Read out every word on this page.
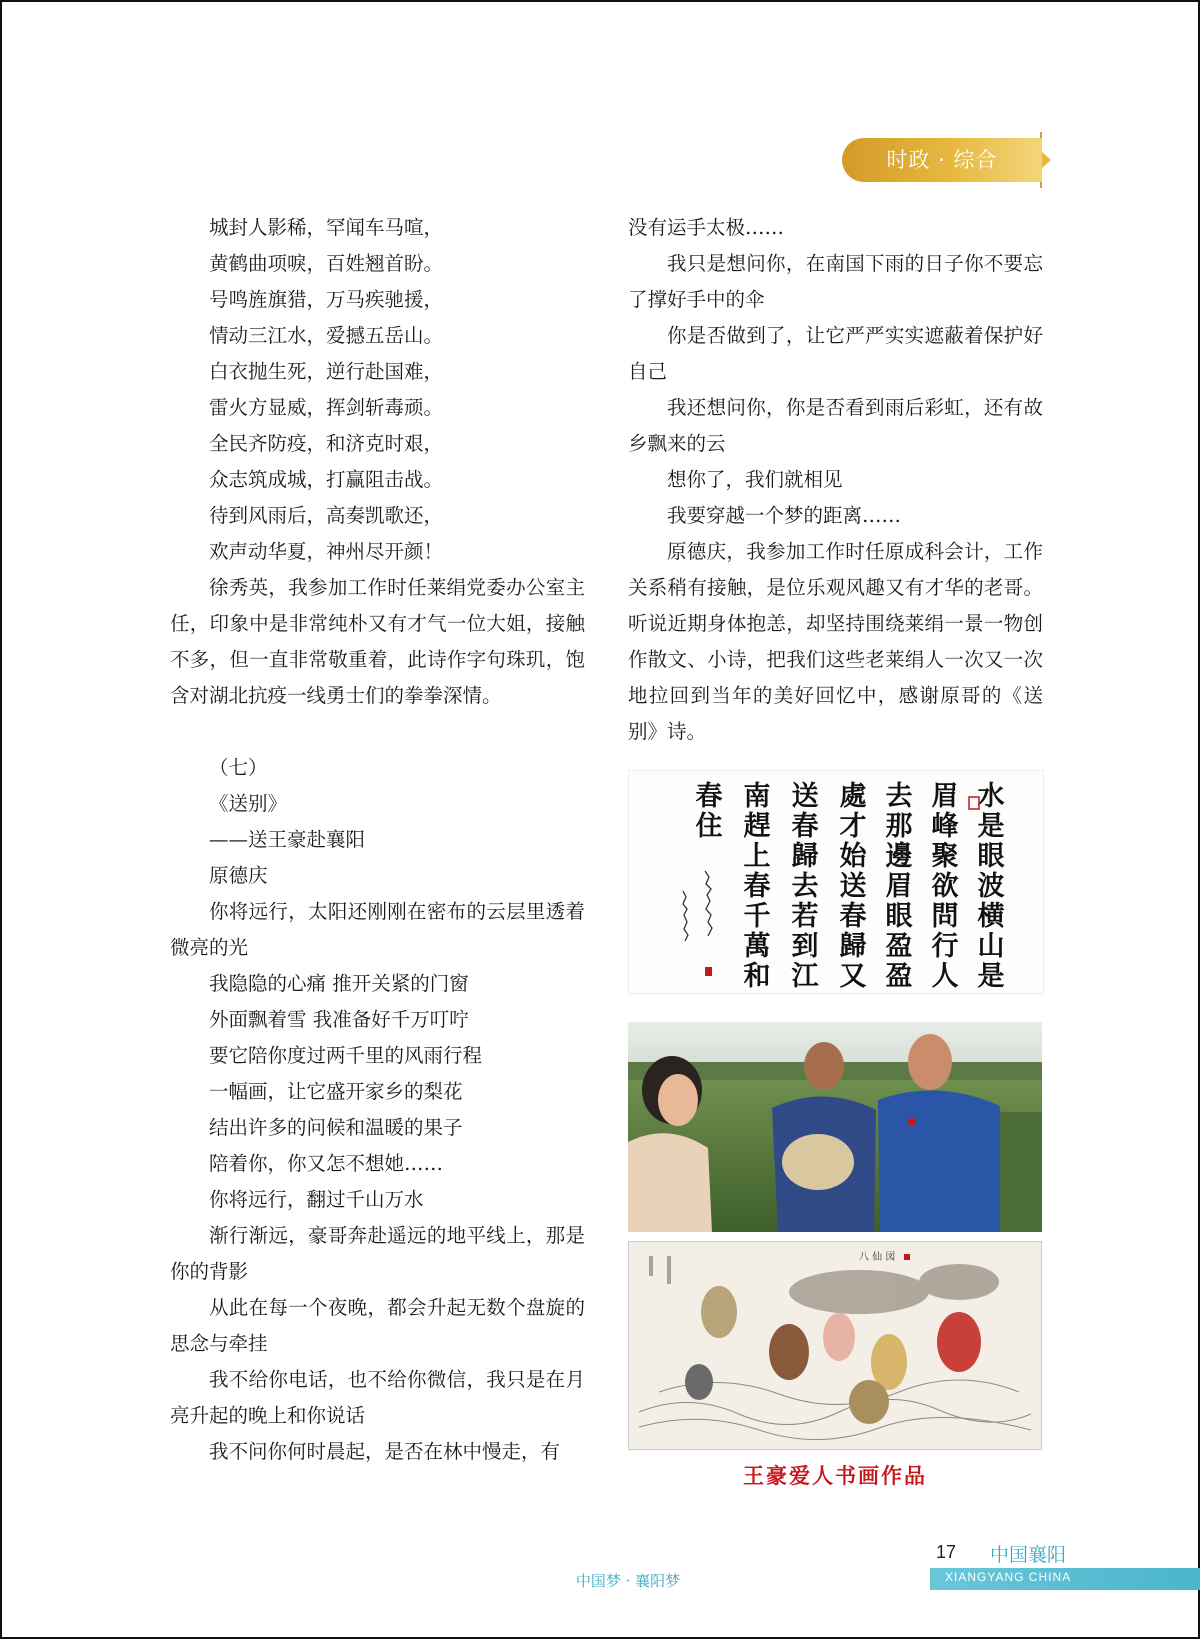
时政 · 综合

城封人影稀，罕闻车马喧，

黄鹤曲项唳，百姓翘首盼。

号鸣旌旗猎，万马疾驰援，

情动三江水，爱撼五岳山。

白衣抛生死，逆行赴国难，

雷火方显威，挥剑斩毒顽。

全民齐防疫，和济克时艰，

众志筑成城，打赢阻击战。

待到风雨后，高奏凯歌还，

欢声动华夏，神州尽开颜！

徐秀英，我参加工作时任莱绢党委办公室主任，印象中是非常纯朴又有才气一位大姐，接触不多，但一直非常敬重着，此诗作字句珠玑，饱含对湖北抗疫一线勇士们的拳拳深情。

（七）

《送别》

——送王豪赴襄阳

原德庆

你将远行，太阳还刚刚在密布的云层里透着微亮的光

我隐隐的心痛 推开关紧的门窗

外面飘着雪 我准备好千万叮咛

要它陪你度过两千里的风雨行程

一幅画，让它盛开家乡的梨花

结出许多的问候和温暖的果子

陪着你，你又怎不想她……

你将远行，翻过千山万水

渐行渐远，豪哥奔赴遥远的地平线上，那是你的背影

从此在每一个夜晚，都会升起无数个盘旋的思念与牵挂

我不给你电话，也不给你微信，我只是在月亮升起的晚上和你说话

我不问你何时晨起，是否在林中慢走，有

没有运手太极……

我只是想问你，在南国下雨的日子你不要忘了撑好手中的伞

你是否做到了，让它严严实实遮蔽着保护好自己

我还想问你，你是否看到雨后彩虹，还有故乡飘来的云

想你了，我们就相见

我要穿越一个梦的距离……

原德庆，我参加工作时任原成科会计，工作关系稍有接触，是位乐观风趣又有才华的老哥。听说近期身体抱恙，却坚持围绕莱绢一景一物创作散文、小诗，把我们这些老莱绢人一次又一次地拉回到当年的美好回忆中，感谢原哥的《送别》诗。

水是眼波横山是
眉峰聚欲問行人
去那邊眉眼盈盈
處才始送春歸又
送春歸去若到江
南趕上春千萬和
春住
八 仙 図
王豪爱人书画作品
17 中国襄阳
XIANGYANG CHINA
中国梦 · 襄阳梦
